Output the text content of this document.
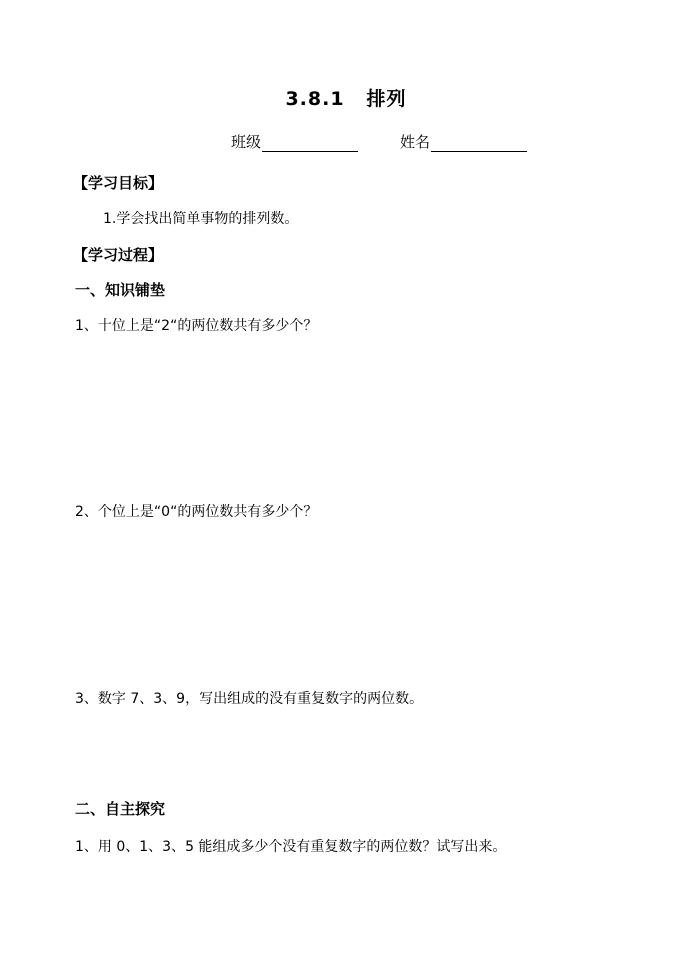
3.8.1 排列
班级	姓名
【学习目标】
1.学会找出简单事物的排列数。
【学习过程】
一、知识铺垫
1、十位上是“2“的两位数共有多少个？
2、个位上是“0“的两位数共有多少个？
3、数字 7、3、9，写出组成的没有重复数字的两位数。
二、自主探究
1、用 0、1、3、5 能组成多少个没有重复数字的两位数？试写出来。
